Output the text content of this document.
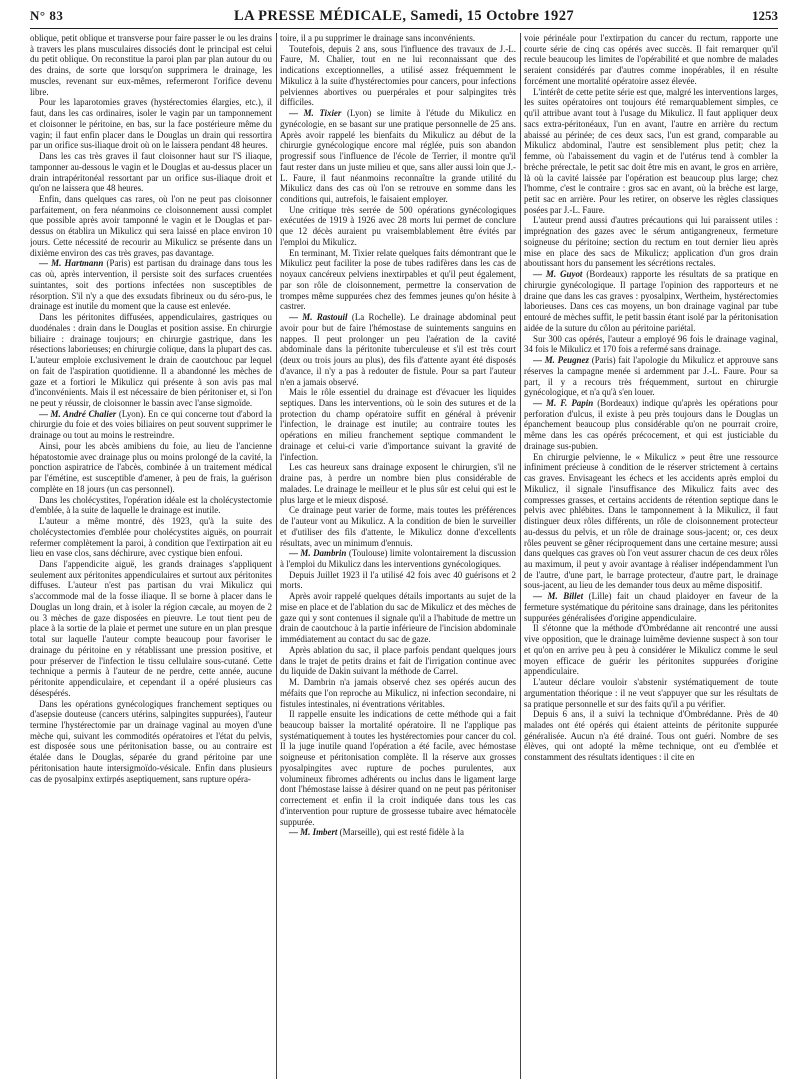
N° 83	LA PRESSE MÉDICALE, Samedi, 15 Octobre 1927	1253

oblique, petit oblique et transverse pour faire passer le ou les drains à travers les plans musculaires dissociés dont le principal est celui du petit oblique. On reconstitue la paroi plan par plan autour du ou des drains, de sorte que lorsqu'on supprimera le drainage, les muscles, revenant sur eux-mêmes, refermeront l'orifice devenu libre.

Pour les laparotomies graves (hystérectomies élargies, etc.), il faut, dans les cas ordinaires, isoler le vagin par un tamponnement et cloisonner le péritoine, en bas, sur la face postérieure même du vagin; il faut enfin placer dans le Douglas un drain qui ressortira par un orifice sus-iliaque droit où on le laissera pendant 48 heures.

Dans les cas très graves il faut cloisonner haut sur l'S iliaque, tamponner au-dessous le vagin et le Douglas et au-dessus placer un drain intrapéritonéal ressortant par un orifice sus-iliaque droit et qu'on ne laissera que 48 heures.

Enfin, dans quelques cas rares, où l'on ne peut pas cloisonner parfaitement, on fera néanmoins ce cloisonnement aussi complet que possible après avoir tamponné le vagin et le Douglas et par-dessus on établira un Mikulicz qui sera laissé en place environ 10 jours. Cette nécessité de recourir au Mikulicz se présente dans un dixième environ des cas très graves, pas davantage.

— M. Hartmann (Paris) est partisan du drainage dans tous les cas où, après intervention, il persiste soit des surfaces cruentées suintantes, soit des portions infectées non susceptibles de résorption. S'il n'y a que des exsudats fibrineux ou du séro-pus, le drainage est inutile du moment que la cause est enlevée.

Dans les péritonites diffusées, appendiculaires, gastriques ou duodénales : drain dans le Douglas et position assise. En chirurgie biliaire : drainage toujours; en chirurgie gastrique, dans les résections laborieuses; en chirurgie colique, dans la plupart des cas. L'auteur emploie exclusivement le drain de caoutchouc par lequel on fait de l'aspiration quotidienne. Il a abandonné les mèches de gaze et a fortiori le Mikulicz qui présente à son avis pas mal d'inconvénients. Mais il est nécessaire de bien péritoniser et, si l'on ne peut y réussir, de cloisonner le bassin avec l'anse sigmoïde.

— M. André Chalier (Lyon). En ce qui concerne tout d'abord la chirurgie du foie et des voies biliaires on peut souvent supprimer le drainage ou tout au moins le restreindre.

Ainsi, pour les abcès amibiens du foie, au lieu de l'ancienne hépatostomie avec drainage plus ou moins prolongé de la cavité, la ponction aspiratrice de l'abcès, combinée à un traitement médical par l'émétine, est susceptible d'amener, à peu de frais, la guérison complète en 18 jours (un cas personnel).

Dans les cholécystites, l'opération idéale est la cholécystectomie d'emblée, à la suite de laquelle le drainage est inutile.

L'auteur a même montré, dès 1923, qu'à la suite des cholécystectomies d'emblée pour cholécystites aiguës, on pourrait refermer complètement la paroi, à condition que l'extirpation ait eu lieu en vase clos, sans déchirure, avec cystique bien enfoui.

Dans l'appendicite aiguë, les grands drainages s'appliquent seulement aux péritonites appendiculaires et surtout aux péritonites diffuses. L'auteur n'est pas partisan du vrai Mikulicz qui s'accommode mal de la fosse iliaque. Il se borne à placer dans le Douglas un long drain, et à isoler la région cæcale, au moyen de 2 ou 3 mèches de gaze disposées en pieuvre. Le tout tient peu de place à la sortie de la plaie et permet une suture en un plan presque total sur laquelle l'auteur compte beaucoup pour favoriser le drainage du péritoine en y rétablissant une pression positive, et pour préserver de l'infection le tissu cellulaire sous-cutané. Cette technique a permis à l'auteur de ne perdre, cette année, aucune péritonite appendiculaire, et cependant il a opéré plusieurs cas désespérés.

Dans les opérations gynécologiques franchement septiques ou d'asepsie douteuse (cancers utérins, salpingites suppurées), l'auteur termine l'hystérectomie par un drainage vaginal au moyen d'une mèche qui, suivant les commodités opératoires et l'état du pelvis, est disposée sous une péritonisation basse, ou au contraire est étalée dans le Douglas, séparée du grand péritoine par une péritonisation haute intersigmoïdo-vésicale. Enfin dans plusieurs cas de pyosalpinx extirpés aseptiquement, sans rupture opéra-

toire, il a pu supprimer le drainage sans inconvénients.

Toutefois, depuis 2 ans, sous l'influence des travaux de J.-L. Faure, M. Chalier, tout en ne lui reconnaissant que des indications exceptionnelles, a utilisé assez fréquemment le Mikulicz à la suite d'hystérectomies pour cancers, pour infections pelviennes abortives ou puerpérales et pour salpingites très difficiles.

— M. Tixier (Lyon) se limite à l'étude du Mikulicz en gynécologie, en se basant sur une pratique personnelle de 25 ans. Après avoir rappelé les bienfaits du Mikulicz au début de la chirurgie gynécologique encore mal réglée, puis son abandon progressif sous l'influence de l'école de Terrier, il montre qu'il faut rester dans un juste milieu et que, sans aller aussi loin que J.-L. Faure, il faut néanmoins reconnaître la grande utilité du Mikulicz dans des cas où l'on se retrouve en somme dans les conditions qui, autrefois, le faisaient employer.

Une critique très serrée de 500 opérations gynécologiques exécutées de 1919 à 1926 avec 28 morts lui permet de conclure que 12 décès auraient pu vraisemblablement être évités par l'emploi du Mikulicz.

En terminant, M. Tixier relate quelques faits démontrant que le Mikulicz peut faciliter la pose de tubes radifères dans les cas de noyaux cancéreux pelviens inextirpables et qu'il peut également, par son rôle de cloisonnement, permettre la conservation de trompes même suppurées chez des femmes jeunes qu'on hésite à castrer.

— M. Rastouil (La Rochelle). Le drainage abdominal peut avoir pour but de faire l'hémostase de suintements sanguins en nappes. Il peut prolonger un peu l'aération de la cavité abdominale dans la péritonite tuberculeuse et s'il est très court (deux ou trois jours au plus), des fils d'attente ayant été disposés d'avance, il n'y a pas à redouter de fistule. Pour sa part l'auteur n'en a jamais observé.

Mais le rôle essentiel du drainage est d'évacuer les liquides septiques. Dans les interventions, où le soin des sutures et de la protection du champ opératoire suffit en général à prévenir l'infection, le drainage est inutile; au contraire toutes les opérations en milieu franchement septique commandent le drainage et celui-ci varie d'importance suivant la gravité de l'infection.

Les cas heureux sans drainage exposent le chirurgien, s'il ne draine pas, à perdre un nombre bien plus considérable de malades. Le drainage le meilleur et le plus sûr est celui qui est le plus large et le mieux disposé.

Ce drainage peut varier de forme, mais toutes les préférences de l'auteur vont au Mikulicz. A la condition de bien le surveiller et d'utiliser des fils d'attente, le Mikulicz donne d'excellents résultats, avec un minimum d'ennuis.

— M. Dambrin (Toulouse) limite volontairement la discussion à l'emploi du Mikulicz dans les interventions gynécologiques.

Depuis Juillet 1923 il l'a utilisé 42 fois avec 40 guérisons et 2 morts.

Après avoir rappelé quelques détails importants au sujet de la mise en place et de l'ablation du sac de Mikulicz et des mèches de gaze qui y sont contenues il signale qu'il a l'habitude de mettre un drain de caoutchouc à la partie inférieure de l'incision abdominale immédiatement au contact du sac de gaze.

Après ablation du sac, il place parfois pendant quelques jours dans le trajet de petits drains et fait de l'irrigation continue avec du liquide de Dakin suivant la méthode de Carrel.

M. Dambrin n'a jamais observé chez ses opérés aucun des méfaits que l'on reproche au Mikulicz, ni infection secondaire, ni fistules intestinales, ni éventrations véritables.

Il rappelle ensuite les indications de cette méthode qui a fait beaucoup baisser la mortalité opératoire. Il ne l'applique pas systématiquement à toutes les hystérectomies pour cancer du col. Il la juge inutile quand l'opération a été facile, avec hémostase soigneuse et péritonisation complète. Il la réserve aux grosses pyosalpingites avec rupture de poches purulentes, aux volumineux fibromes adhérents ou inclus dans le ligament large dont l'hémostase laisse à désirer quand on ne peut pas péritoniser correctement et enfin il la croit indiquée dans tous les cas d'intervention pour rupture de grossesse tubaire avec hématocèle suppurée.

— M. Imbert (Marseille), qui est resté fidèle à la

voie périnéale pour l'extirpation du cancer du rectum, rapporte une courte série de cinq cas opérés avec succès. Il fait remarquer qu'il recule beaucoup les limites de l'opérabilité et que nombre de malades seraient considérés par d'autres comme inopérables, il en résulte forcément une mortalité opératoire assez élevée.

L'intérêt de cette petite série est que, malgré les interventions larges, les suites opératoires ont toujours été remarquablement simples, ce qu'il attribue avant tout à l'usage du Mikulicz. Il faut appliquer deux sacs extra-péritonéaux, l'un en avant, l'autre en arrière du rectum abaissé au périnée; de ces deux sacs, l'un est grand, comparable au Mikulicz abdominal, l'autre est sensiblement plus petit; chez la femme, où l'abaissement du vagin et de l'utérus tend à combler la brèche prérectale, le petit sac doit être mis en avant, le gros en arrière, là où la cavité laissée par l'opération est beaucoup plus large; chez l'homme, c'est le contraire : gros sac en avant, où la brèche est large, petit sac en arrière. Pour les retirer, on observe les règles classiques posées par J.-L. Faure.

L'auteur prend aussi d'autres précautions qui lui paraissent utiles : imprégnation des gazes avec le sérum antigangreneux, fermeture soigneuse du péritoine; section du rectum en tout dernier lieu après mise en place des sacs de Mikulicz; application d'un gros drain aboutissant hors du pansement les sécrétions rectales.

— M. Guyot (Bordeaux) rapporte les résultats de sa pratique en chirurgie gynécologique. Il partage l'opinion des rapporteurs et ne draine que dans les cas graves : pyosalpinx, Wertheim, hystérectomies laborieuses. Dans ces cas moyens, un bon drainage vaginal par tube entouré de mèches suffit, le petit bassin étant isolé par la péritonisation aidée de la suture du côlon au péritoine pariétal.

Sur 300 cas opérés, l'auteur a employé 96 fois le drainage vaginal, 34 fois le Mikulicz et 170 fois a refermé sans drainage.

— M. Peugnez (Paris) fait l'apologie du Mikulicz et approuve sans réserves la campagne menée si ardemment par J.-L. Faure. Pour sa part, il y a recours très fréquemment, surtout en chirurgie gynécologique, et n'a qu'à s'en louer.

— M. F. Papin (Bordeaux) indique qu'après les opérations pour perforation d'ulcus, il existe à peu près toujours dans le Douglas un épanchement beaucoup plus considérable qu'on ne pourrait croire, même dans les cas opérés précocement, et qui est justiciable du drainage sus-pubien.

En chirurgie pelvienne, le « Mikulicz » peut être une ressource infiniment précieuse à condition de le réserver strictement à certains cas graves. Envisageant les échecs et les accidents après emploi du Mikulicz, il signale l'insuffisance des Mikulicz faits avec des compresses grasses, et certains accidents de rétention septique dans le pelvis avec phlébites. Dans le tamponnement à la Mikulicz, il faut distinguer deux rôles différents, un rôle de cloisonnement protecteur au-dessus du pelvis, et un rôle de drainage sous-jacent; or, ces deux rôles peuvent se gêner réciproquement dans une certaine mesure; aussi dans quelques cas graves où l'on veut assurer chacun de ces deux rôles au maximum, il peut y avoir avantage à réaliser indépendamment l'un de l'autre, d'une part, le barrage protecteur, d'autre part, le drainage sous-jacent, au lieu de les demander tous deux au même dispositif.

— M. Billet (Lille) fait un chaud plaidoyer en faveur de la fermeture systématique du péritoine sans drainage, dans les péritonites suppurées généralisées d'origine appendiculaire.

Il s'étonne que la méthode d'Ombrédanne ait rencontré une aussi vive opposition, que le drainage luimême devienne suspect à son tour et qu'on en arrive peu à peu à considérer le Mikulicz comme le seul moyen efficace de guérir les péritonites suppurées d'origine appendiculaire.

L'auteur déclare vouloir s'abstenir systématiquement de toute argumentation théorique : il ne veut s'appuyer que sur les résultats de sa pratique personnelle et sur des faits qu'il a pu vérifier.

Depuis 6 ans, il a suivi la technique d'Ombrédanne. Près de 40 malades ont été opérés qui étaient atteints de péritonite suppurée généralisée. Aucun n'a été drainé. Tous ont guéri. Nombre de ses élèves, qui ont adopté la même technique, ont eu d'emblée et constamment des résultats identiques : il cite en
